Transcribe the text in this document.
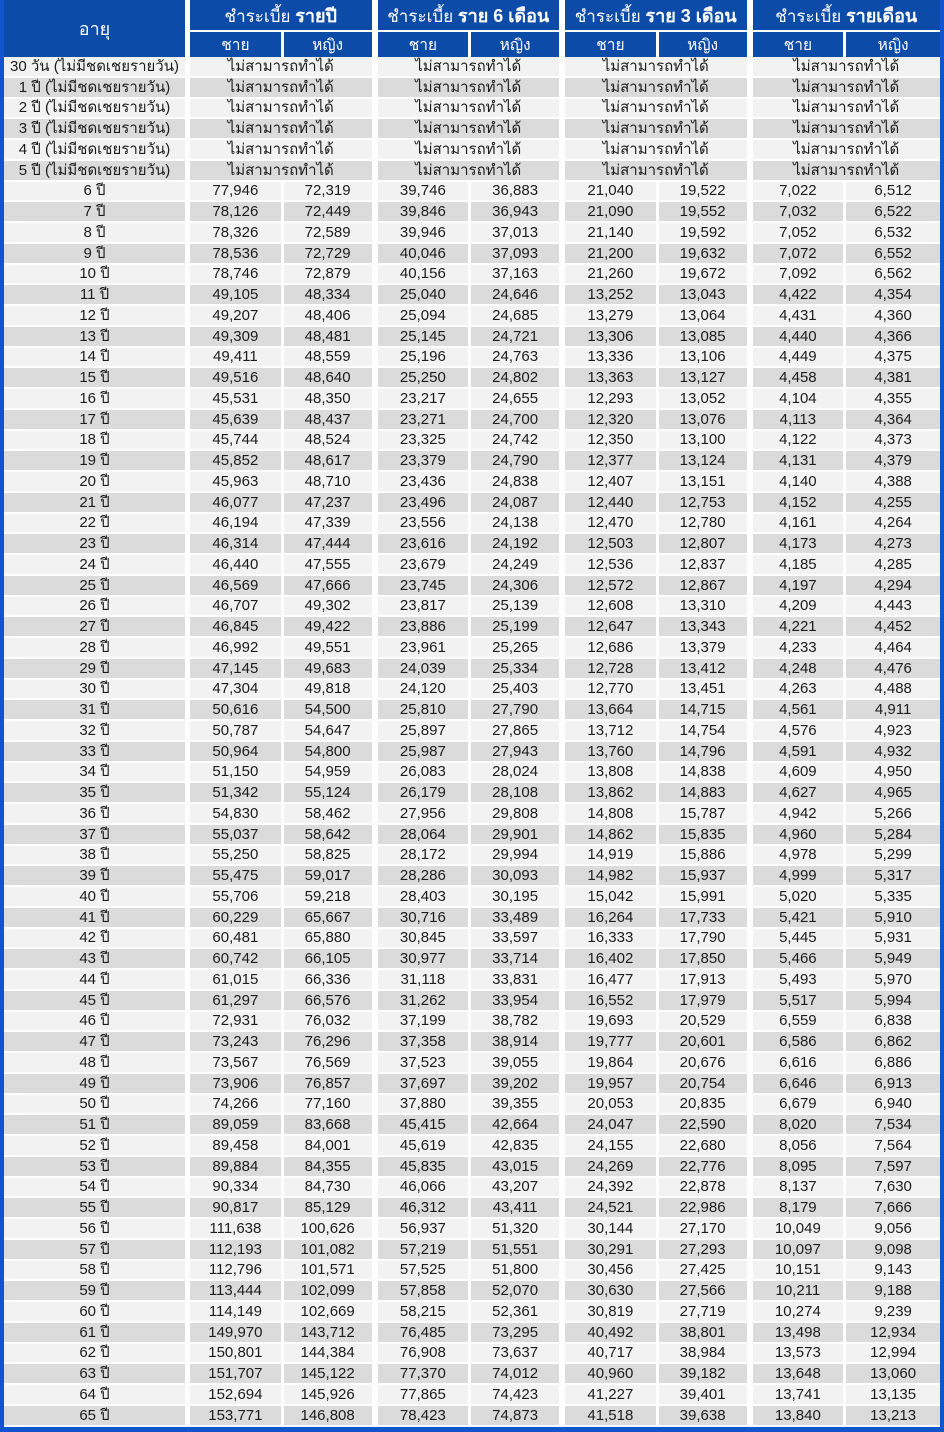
อายุ	ชำระเบี้ย รายปี		ชำระเบี้ย ราย 6 เดือน		ชำระเบี้ย ราย 3 เดือน		ชำระเบี้ย รายเดือน	
	ชาย	หญิง	ชาย	หญิง	ชาย	หญิง	ชาย	หญิง
30 วัน (ไม่มีชดเชยรายวัน)	ไม่สามารถทำได้		ไม่สามารถทำได้		ไม่สามารถทำได้		ไม่สามารถทำได้	
1 ปี (ไม่มีชดเชยรายวัน)	ไม่สามารถทำได้		ไม่สามารถทำได้		ไม่สามารถทำได้		ไม่สามารถทำได้	
2 ปี (ไม่มีชดเชยรายวัน)	ไม่สามารถทำได้		ไม่สามารถทำได้		ไม่สามารถทำได้		ไม่สามารถทำได้	
3 ปี (ไม่มีชดเชยรายวัน)	ไม่สามารถทำได้		ไม่สามารถทำได้		ไม่สามารถทำได้		ไม่สามารถทำได้	
4 ปี (ไม่มีชดเชยรายวัน)	ไม่สามารถทำได้		ไม่สามารถทำได้		ไม่สามารถทำได้		ไม่สามารถทำได้	
5 ปี (ไม่มีชดเชยรายวัน)	ไม่สามารถทำได้		ไม่สามารถทำได้		ไม่สามารถทำได้		ไม่สามารถทำได้	
6 ปี	77,946	72,319	39,746	36,883	21,040	19,522	7,022	6,512
7 ปี	78,126	72,449	39,846	36,943	21,090	19,552	7,032	6,522
8 ปี	78,326	72,589	39,946	37,013	21,140	19,592	7,052	6,532
9 ปี	78,536	72,729	40,046	37,093	21,200	19,632	7,072	6,552
10 ปี	78,746	72,879	40,156	37,163	21,260	19,672	7,092	6,562
11 ปี	49,105	48,334	25,040	24,646	13,252	13,043	4,422	4,354
12 ปี	49,207	48,406	25,094	24,685	13,279	13,064	4,431	4,360
13 ปี	49,309	48,481	25,145	24,721	13,306	13,085	4,440	4,366
14 ปี	49,411	48,559	25,196	24,763	13,336	13,106	4,449	4,375
15 ปี	49,516	48,640	25,250	24,802	13,363	13,127	4,458	4,381
16 ปี	45,531	48,350	23,217	24,655	12,293	13,052	4,104	4,355
17 ปี	45,639	48,437	23,271	24,700	12,320	13,076	4,113	4,364
18 ปี	45,744	48,524	23,325	24,742	12,350	13,100	4,122	4,373
19 ปี	45,852	48,617	23,379	24,790	12,377	13,124	4,131	4,379
20 ปี	45,963	48,710	23,436	24,838	12,407	13,151	4,140	4,388
21 ปี	46,077	47,237	23,496	24,087	12,440	12,753	4,152	4,255
22 ปี	46,194	47,339	23,556	24,138	12,470	12,780	4,161	4,264
23 ปี	46,314	47,444	23,616	24,192	12,503	12,807	4,173	4,273
24 ปี	46,440	47,555	23,679	24,249	12,536	12,837	4,185	4,285
25 ปี	46,569	47,666	23,745	24,306	12,572	12,867	4,197	4,294
26 ปี	46,707	49,302	23,817	25,139	12,608	13,310	4,209	4,443
27 ปี	46,845	49,422	23,886	25,199	12,647	13,343	4,221	4,452
28 ปี	46,992	49,551	23,961	25,265	12,686	13,379	4,233	4,464
29 ปี	47,145	49,683	24,039	25,334	12,728	13,412	4,248	4,476
30 ปี	47,304	49,818	24,120	25,403	12,770	13,451	4,263	4,488
31 ปี	50,616	54,500	25,810	27,790	13,664	14,715	4,561	4,911
32 ปี	50,787	54,647	25,897	27,865	13,712	14,754	4,576	4,923
33 ปี	50,964	54,800	25,987	27,943	13,760	14,796	4,591	4,932
34 ปี	51,150	54,959	26,083	28,024	13,808	14,838	4,609	4,950
35 ปี	51,342	55,124	26,179	28,108	13,862	14,883	4,627	4,965
36 ปี	54,830	58,462	27,956	29,808	14,808	15,787	4,942	5,266
37 ปี	55,037	58,642	28,064	29,901	14,862	15,835	4,960	5,284
38 ปี	55,250	58,825	28,172	29,994	14,919	15,886	4,978	5,299
39 ปี	55,475	59,017	28,286	30,093	14,982	15,937	4,999	5,317
40 ปี	55,706	59,218	28,403	30,195	15,042	15,991	5,020	5,335
41 ปี	60,229	65,667	30,716	33,489	16,264	17,733	5,421	5,910
42 ปี	60,481	65,880	30,845	33,597	16,333	17,790	5,445	5,931
43 ปี	60,742	66,105	30,977	33,714	16,402	17,850	5,466	5,949
44 ปี	61,015	66,336	31,118	33,831	16,477	17,913	5,493	5,970
45 ปี	61,297	66,576	31,262	33,954	16,552	17,979	5,517	5,994
46 ปี	72,931	76,032	37,199	38,782	19,693	20,529	6,559	6,838
47 ปี	73,243	76,296	37,358	38,914	19,777	20,601	6,586	6,862
48 ปี	73,567	76,569	37,523	39,055	19,864	20,676	6,616	6,886
49 ปี	73,906	76,857	37,697	39,202	19,957	20,754	6,646	6,913
50 ปี	74,266	77,160	37,880	39,355	20,053	20,835	6,679	6,940
51 ปี	89,059	83,668	45,415	42,664	24,047	22,590	8,020	7,534
52 ปี	89,458	84,001	45,619	42,835	24,155	22,680	8,056	7,564
53 ปี	89,884	84,355	45,835	43,015	24,269	22,776	8,095	7,597
54 ปี	90,334	84,730	46,066	43,207	24,392	22,878	8,137	7,630
55 ปี	90,817	85,129	46,312	43,411	24,521	22,986	8,179	7,666
56 ปี	111,638	100,626	56,937	51,320	30,144	27,170	10,049	9,056
57 ปี	112,193	101,082	57,219	51,551	30,291	27,293	10,097	9,098
58 ปี	112,796	101,571	57,525	51,800	30,456	27,425	10,151	9,143
59 ปี	113,444	102,099	57,858	52,070	30,630	27,566	10,211	9,188
60 ปี	114,149	102,669	58,215	52,361	30,819	27,719	10,274	9,239
61 ปี	149,970	143,712	76,485	73,295	40,492	38,801	13,498	12,934
62 ปี	150,801	144,384	76,908	73,637	40,717	38,984	13,573	12,994
63 ปี	151,707	145,122	77,370	74,012	40,960	39,182	13,648	13,060
64 ปี	152,694	145,926	77,865	74,423	41,227	39,401	13,741	13,135
65 ปี	153,771	146,808	78,423	74,873	41,518	39,638	13,840	13,213
